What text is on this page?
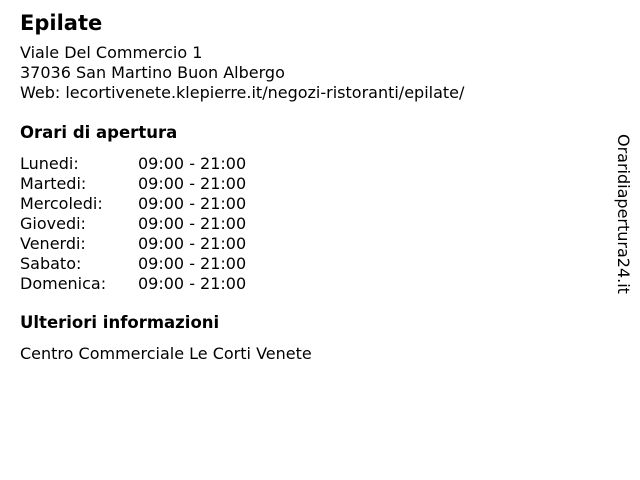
Epilate
Viale Del Commercio 1
37036 San Martino Buon Albergo
Web: lecortivenete.klepierre.it/negozi-ristoranti/epilate/
Orari di apertura
Lunedi:	09:00 - 21:00
Martedi:	09:00 - 21:00
Mercoledi: 09:00 - 21:00
Giovedi:	09:00 - 21:00
Venerdi:	09:00 - 21:00
Sabato:	09:00 - 21:00
Domenica: 09:00 - 21:00
Ulteriori informazioni
Centro Commerciale Le Corti Venete
Oraridiapertura24.it
